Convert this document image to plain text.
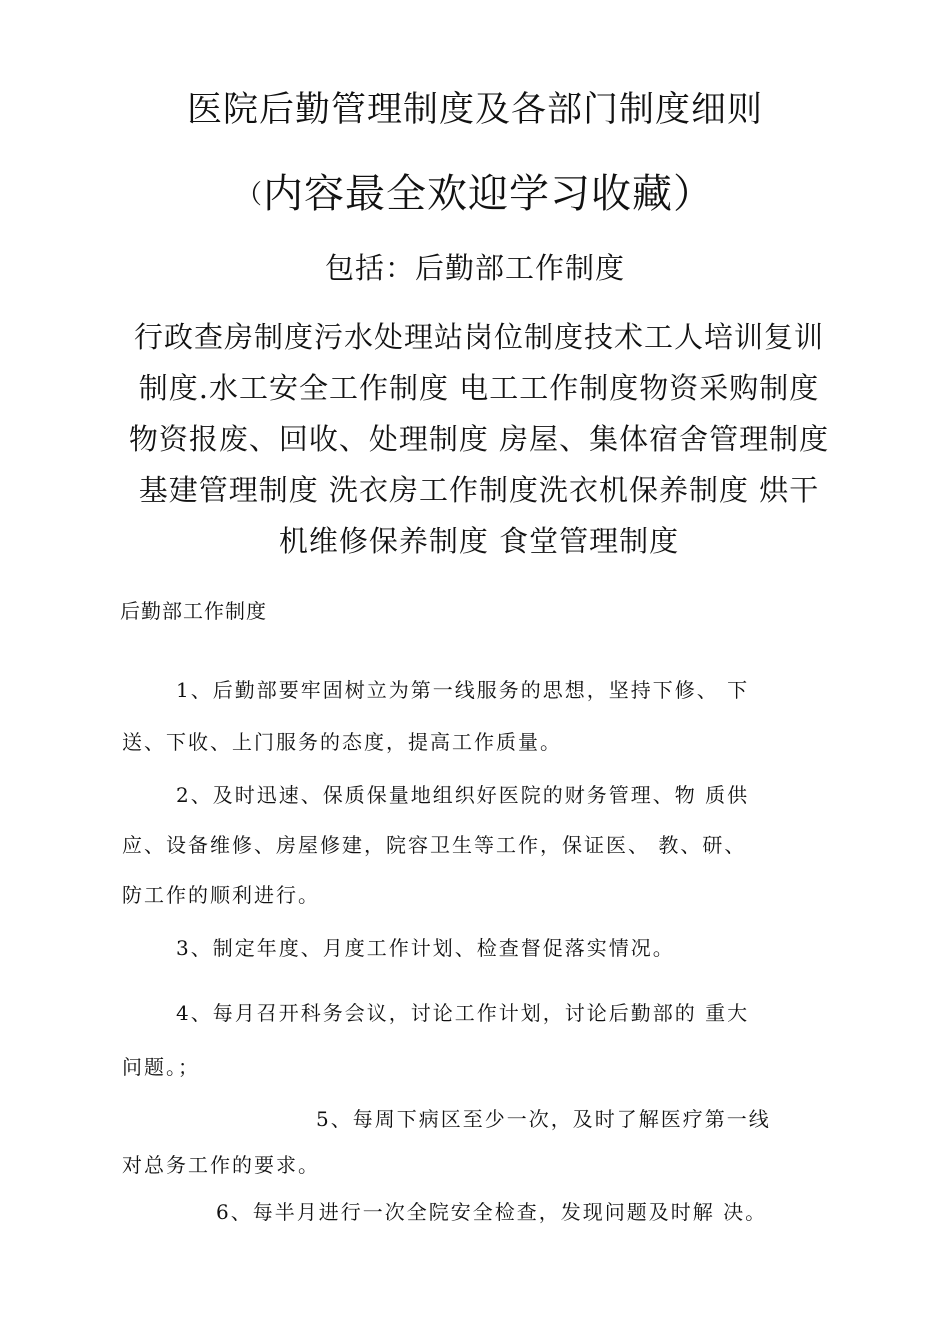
医院后勤管理制度及各部门制度细则
（内容最全欢迎学习收藏）
包括：后勤部工作制度
行政查房制度污水处理站岗位制度技术工人培训复训
制度.水工安全工作制度 电工工作制度物资采购制度
物资报废、回收、处理制度 房屋、集体宿舍管理制度
基建管理制度 洗衣房工作制度洗衣机保养制度 烘干
机维修保养制度 食堂管理制度
后勤部工作制度
1、后勤部要牢固树立为第一线服务的思想，坚持下修、 下
送、下收、上门服务的态度，提高工作质量。
2、及时迅速、保质保量地组织好医院的财务管理、物 质供
应、设备维修、房屋修建，院容卫生等工作，保证医、 教、研、
防工作的顺利进行。
3、制定年度、月度工作计划、检查督促落实情况。
4、每月召开科务会议，讨论工作计划，讨论后勤部的 重大
问题。；
5、每周下病区至少一次，及时了解医疗第一线
对总务工作的要求。
6、每半月进行一次全院安全检查，发现问题及时解 决。
